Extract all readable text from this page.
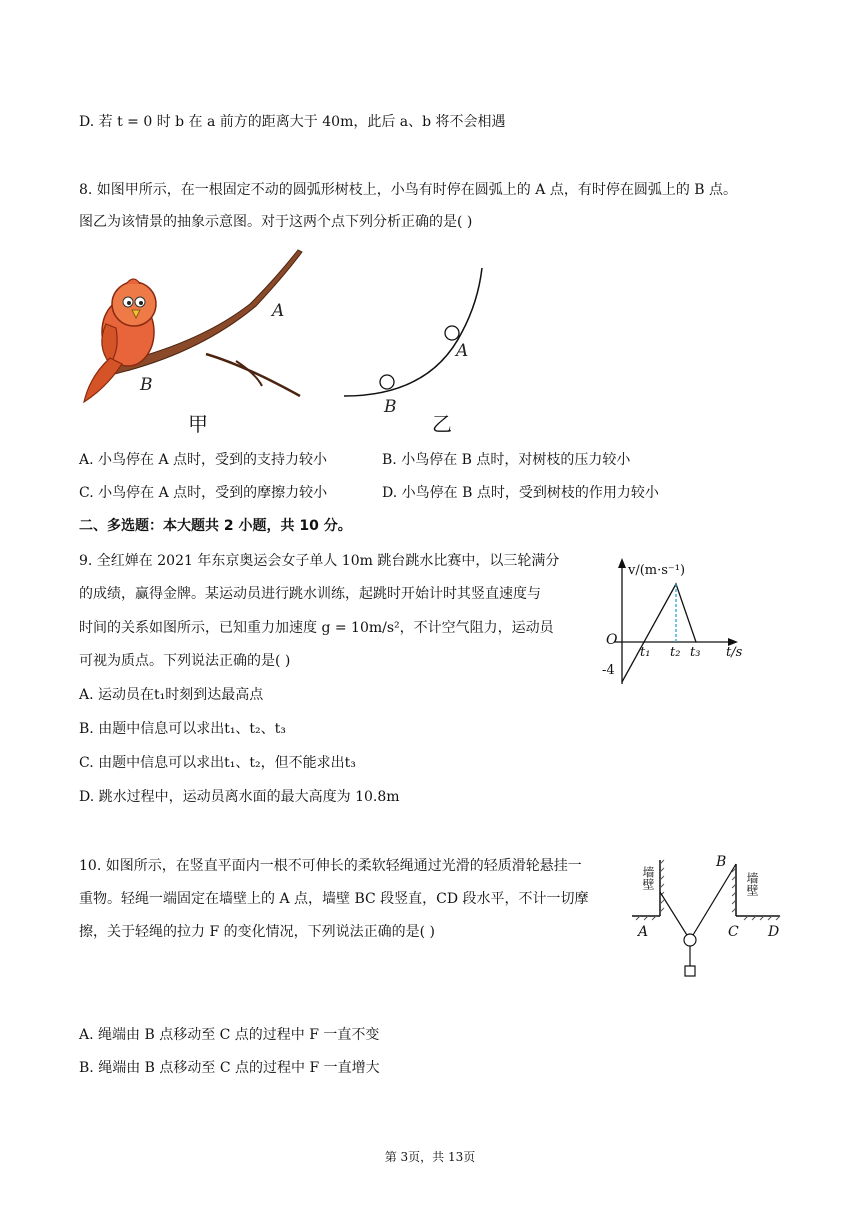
D. 若 t = 0 时 b 在 a 前方的距离大于 40m，此后 a、b 将不会相遇
8. 如图甲所示，在一根固定不动的圆弧形树枝上，小鸟有时停在圆弧上的 A 点，有时停在圆弧上的 B 点。
图乙为该情景的抽象示意图。对于这两个点下列分析正确的是( )
A
B
甲
B
A
乙
A. 小鸟停在 A 点时，受到的支持力较小	B. 小鸟停在 B 点时，对树枝的压力较小
C. 小鸟停在 A 点时，受到的摩擦力较小	D. 小鸟停在 B 点时，受到树枝的作用力较小
二、多选题：本大题共 2 小题，共 10 分。
9. 全红婵在 2021 年东京奥运会女子单人 10m 跳台跳水比赛中，以三轮满分
的成绩，赢得金牌。某运动员进行跳水训练，起跳时开始计时其竖直速度与
时间的关系如图所示，已知重力加速度 g = 10m/s²，不计空气阻力，运动员
可视为质点。下列说法正确的是( )
A. 运动员在t₁时刻到达最高点
B. 由题中信息可以求出t₁、t₂、t₃
C. 由题中信息可以求出t₁、t₂，但不能求出t₃
D. 跳水过程中，运动员离水面的最大高度为 10.8m
v/(m·s⁻¹)
t/s
O
-4
t₁ t₂ t₃
10. 如图所示，在竖直平面内一根不可伸长的柔软轻绳通过光滑的轻质滑轮悬挂一
重物。轻绳一端固定在墙壁上的 A 点，墙壁 BC 段竖直，CD 段水平，不计一切摩
擦，关于轻绳的拉力 F 的变化情况，下列说法正确的是( )
A. 绳端由 B 点移动至 C 点的过程中 F 一直不变
B. 绳端由 B 点移动至 C 点的过程中 F 一直增大
墙壁	墙壁
A
B
C D
第 3页，共 13页
